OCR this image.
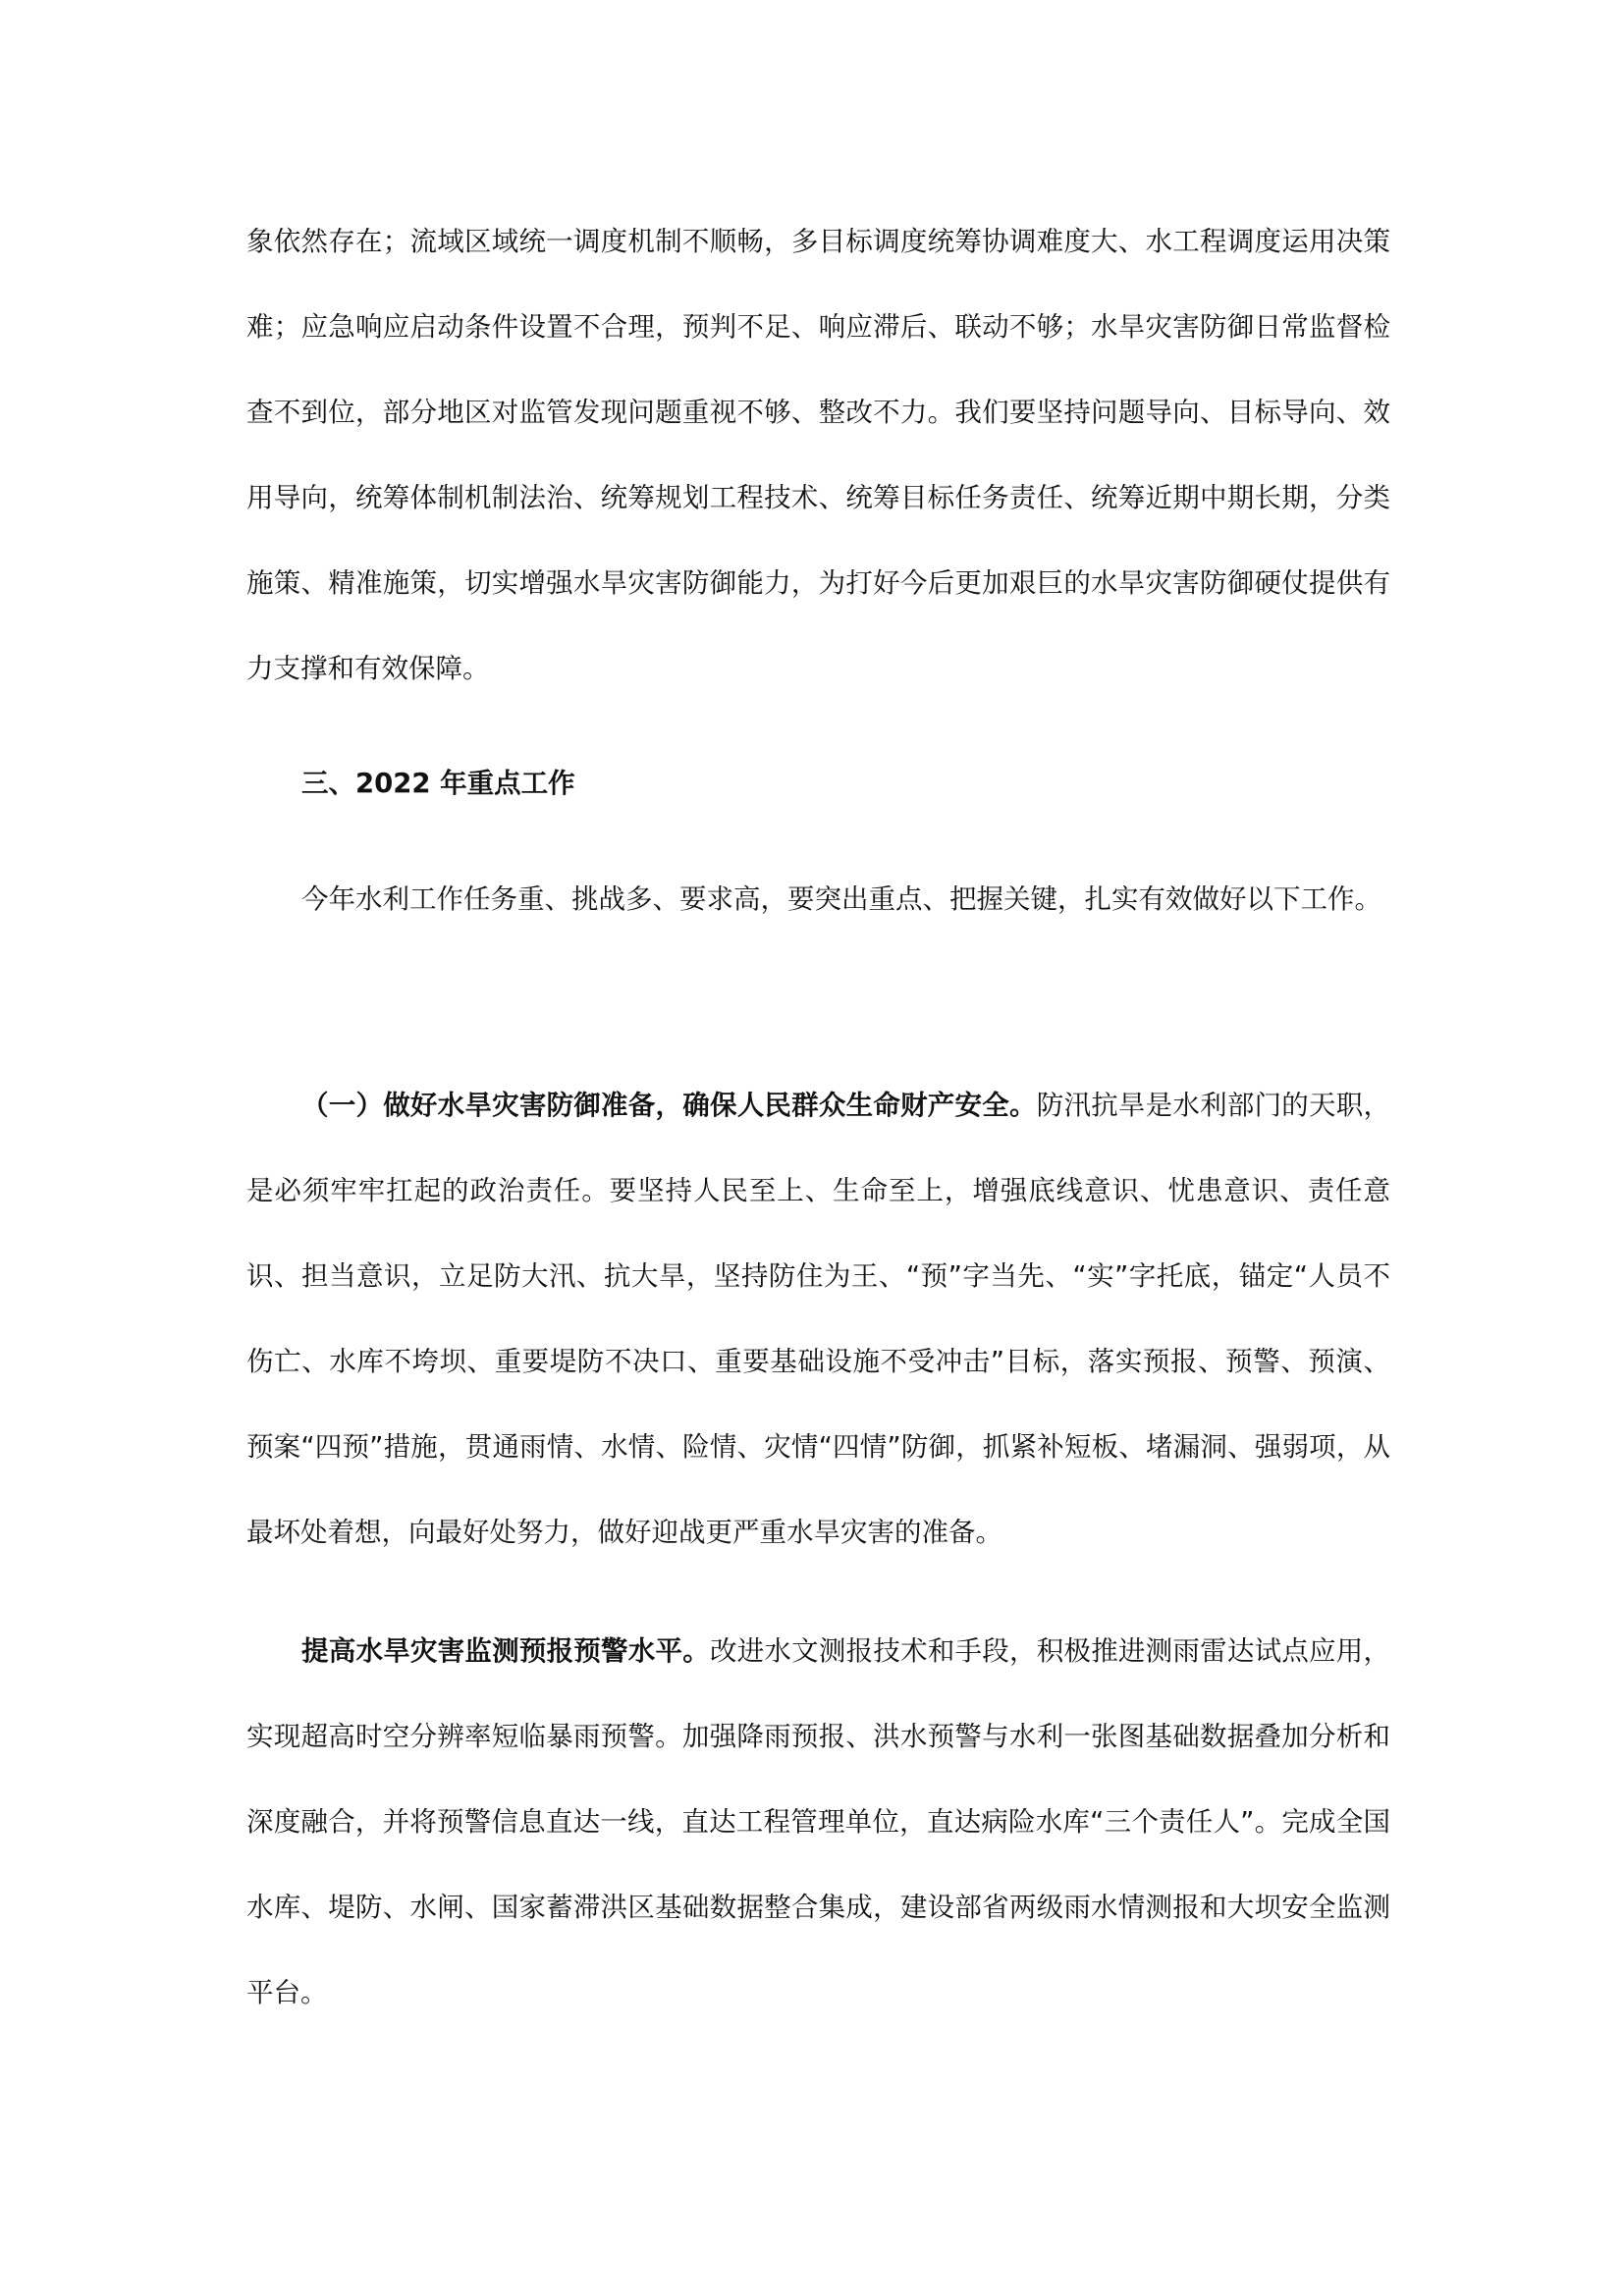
象依然存在；流域区域统一调度机制不顺畅，多目标调度统筹协调难度大、水工程调度运用决策难；应急响应启动条件设置不合理，预判不足、响应滞后、联动不够；水旱灾害防御日常监督检查不到位，部分地区对监管发现问题重视不够、整改不力。我们要坚持问题导向、目标导向、效用导向，统筹体制机制法治、统筹规划工程技术、统筹目标任务责任、统筹近期中期长期，分类施策、精准施策，切实增强水旱灾害防御能力，为打好今后更加艰巨的水旱灾害防御硬仗提供有力支撑和有效保障。

三、2022 年重点工作

今年水利工作任务重、挑战多、要求高，要突出重点、把握关键，扎实有效做好以下工作。

（一）做好水旱灾害防御准备，确保人民群众生命财产安全。防汛抗旱是水利部门的天职，是必须牢牢扛起的政治责任。要坚持人民至上、生命至上，增强底线意识、忧患意识、责任意识、担当意识，立足防大汛、抗大旱，坚持防住为王、“预”字当先、“实”字托底，锚定“人员不伤亡、水库不垮坝、重要堤防不决口、重要基础设施不受冲击”目标，落实预报、预警、预演、预案“四预”措施，贯通雨情、水情、险情、灾情“四情”防御，抓紧补短板、堵漏洞、强弱项，从最坏处着想，向最好处努力，做好迎战更严重水旱灾害的准备。

提高水旱灾害监测预报预警水平。改进水文测报技术和手段，积极推进测雨雷达试点应用，实现超高时空分辨率短临暴雨预警。加强降雨预报、洪水预警与水利一张图基础数据叠加分析和深度融合，并将预警信息直达一线，直达工程管理单位，直达病险水库“三个责任人”。完成全国水库、堤防、水闸、国家蓄滞洪区基础数据整合集成，建设部省两级雨水情测报和大坝安全监测平台。
